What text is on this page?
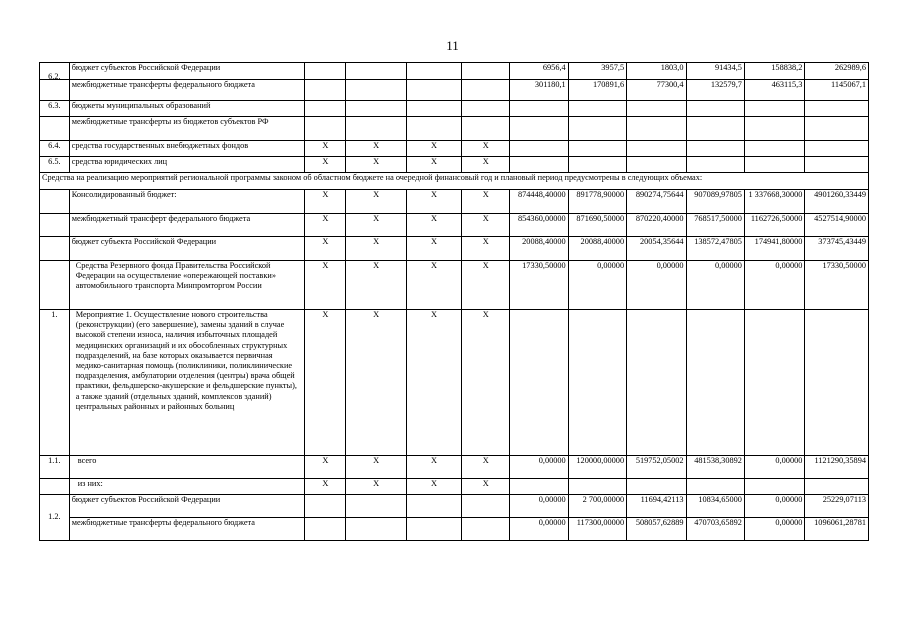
11
	бюджет субъектов Российской Федерации					6956,4	3957,5	1803,0	91434,5	158838,2	262989,6
6.2.	межбюджетные трансферты федерального бюджета					301180,1	170891,6	77300,4	132579,7	463115,3	1145067,1
6.3.	бюджеты муниципальных образований										
	межбюджетные трансферты из бюджетов субъектов РФ										
6.4.	средства государственных внебюджетных фондов	X	X	X	X						
6.5.	средства юридических лиц	X	X	X	X						
Средства на реализацию мероприятий региональной программы законом об областном бюджете на очередной финансовый год и плановый период предусмотрены в следующих объемах:											
	Консолидированный бюджет:	X	X	X	X	874448,40000	891778,90000	890274,75644	907089,97805	1 337668,30000	4901260,33449
	межбюджетный трансферт федерального бюджета	X	X	X	X	854360,00000	871690,50000	870220,40000	768517,50000	1162726,50000	4527514,90000
	бюджет субъекта Российской Федерации	X	X	X	X	20088,40000	20088,40000	20054,35644	138572,47805	174941,80000	373745,43449
	Средства Резервного фонда Правительства Российской Федерации на осуществление «опережающей поставки» автомобильного транспорта Минпромторгом России	X	X	X	X	17330,50000	0,00000	0,00000	0,00000	0,00000	17330,50000
1.	Мероприятие 1. Осуществление нового строительства (реконструкции) (его завершение), замены зданий в случае высокой степени износа, наличия избыточных площадей медицинских организаций и их обособленных структурных подразделений, на базе которых оказывается первичная медико-санитарная помощь (поликлиники, поликлинические подразделения, амбулатории отделения (центры) врача общей практики, фельдшерско-акушерские и фельдшерские пункты), а также зданий (отдельных зданий, комплексов зданий) центральных районных и районных больниц	X	X	X	X						
1.1.	всего	X	X	X	X	0,00000	120000,00000	519752,05002	481538,30892	0,00000	1121290,35894
	из них:	X	X	X	X						
1.2.	бюджет субъектов Российской Федерации					0,00000	2 700,00000	11694,42113	10834,65000	0,00000	25229,07113
	межбюджетные трансферты федерального бюджета					0,00000	117300,00000	508057,62889	470703,65892	0,00000	1096061,28781
